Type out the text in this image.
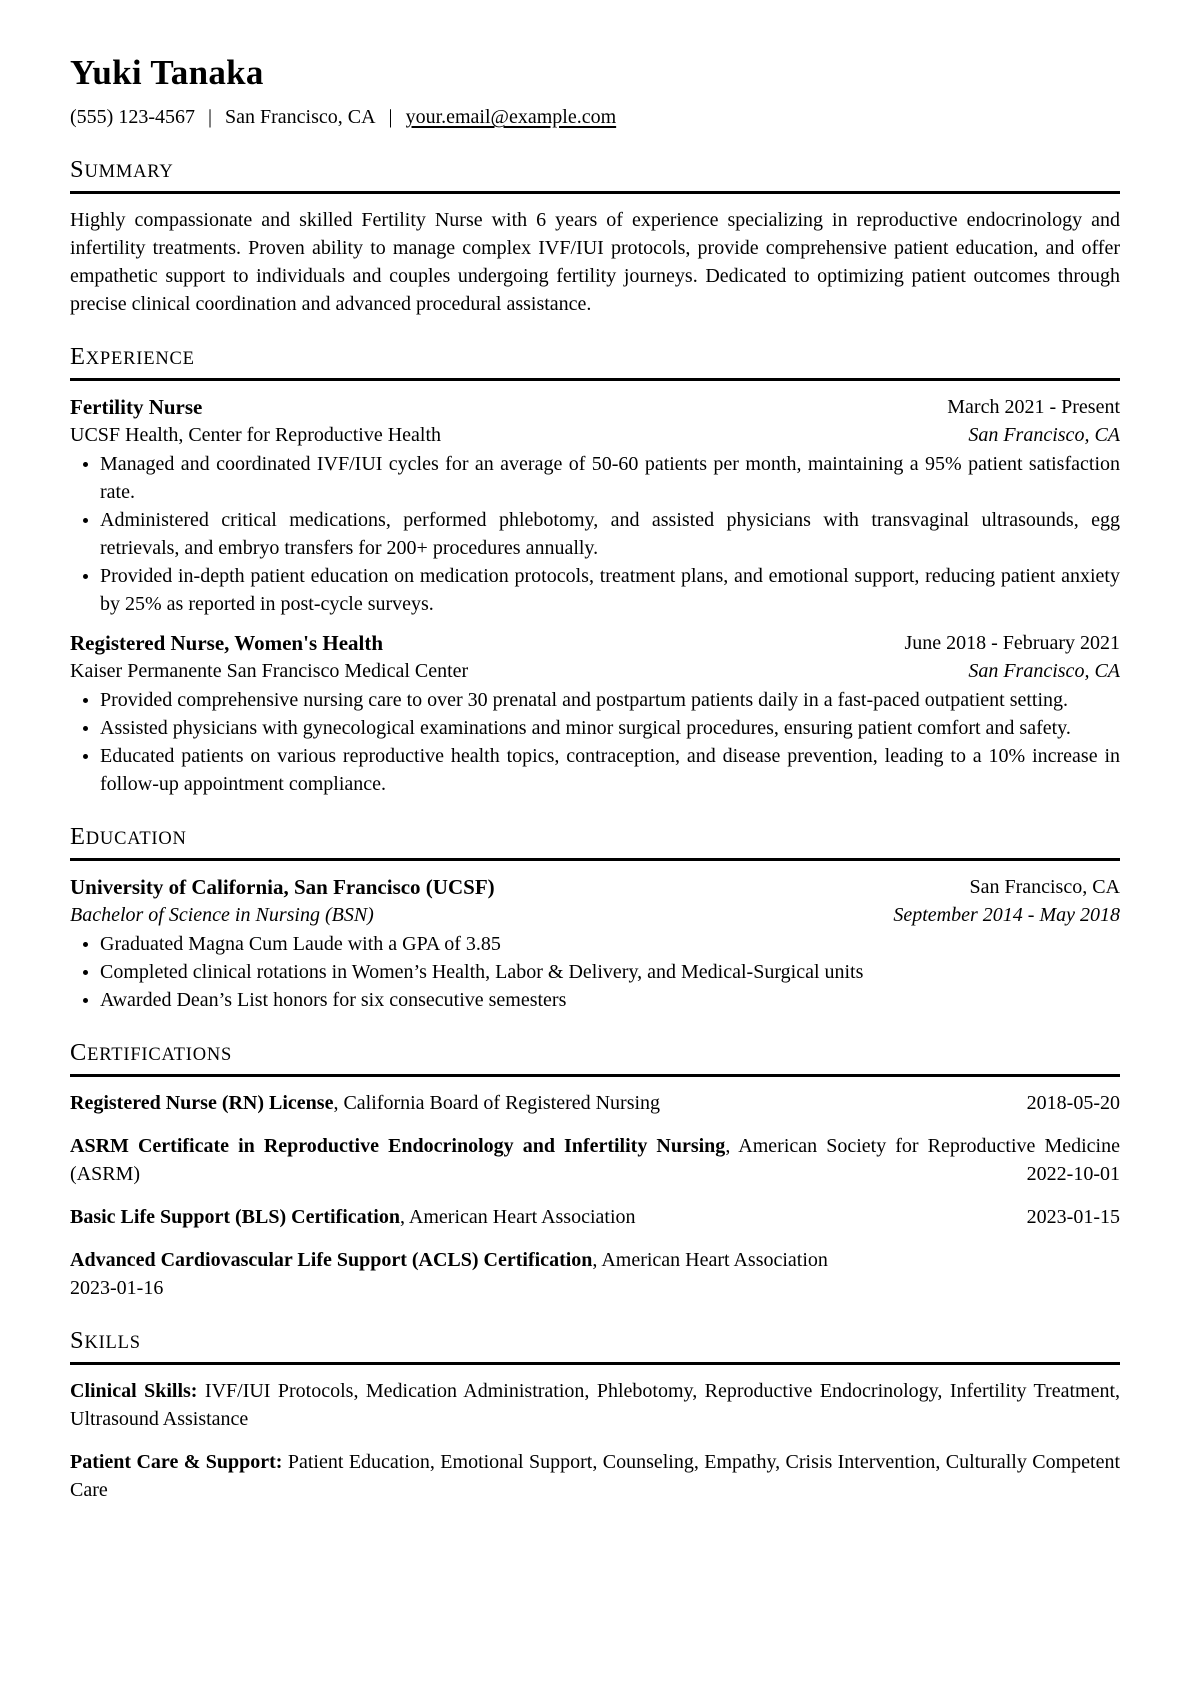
Yuki Tanaka
(555) 123-4567 | San Francisco, CA | your.email@example.com
SUMMARY

Highly compassionate and skilled Fertility Nurse with 6 years of experience specializing in reproductive endocrinology and infertility treatments. Proven ability to manage complex IVF/IUI protocols, provide comprehensive patient education, and offer empathetic support to individuals and couples undergoing fertility journeys. Dedicated to optimizing patient outcomes through precise clinical coordination and advanced procedural assistance.

EXPERIENCE
Fertility Nurse	March 2021 - Present
UCSF Health, Center for Reproductive Health	San Francisco, CA
Managed and coordinated IVF/IUI cycles for an average of 50-60 patients per month, maintaining a 95% patient satisfaction rate.
Administered critical medications, performed phlebotomy, and assisted physicians with transvaginal ultrasounds, egg retrievals, and embryo transfers for 200+ procedures annually.
Provided in-depth patient education on medication protocols, treatment plans, and emotional support, reducing patient anxiety by 25% as reported in post-cycle surveys.
Registered Nurse, Women's Health	June 2018 - February 2021
Kaiser Permanente San Francisco Medical Center	San Francisco, CA
Provided comprehensive nursing care to over 30 prenatal and postpartum patients daily in a fast-paced outpatient setting.
Assisted physicians with gynecological examinations and minor surgical procedures, ensuring patient comfort and safety.
Educated patients on various reproductive health topics, contraception, and disease prevention, leading to a 10% increase in follow-up appointment compliance.
EDUCATION
University of California, San Francisco (UCSF)	San Francisco, CA
Bachelor of Science in Nursing (BSN)	September 2014 - May 2018
Graduated Magna Cum Laude with a GPA of 3.85
Completed clinical rotations in Women’s Health, Labor & Delivery, and Medical-Surgical units
Awarded Dean’s List honors for six consecutive semesters
CERTIFICATIONS

Registered Nurse (RN) License , California Board of Registered Nursing	2018-05-20

ASRM Certificate in Reproductive Endocrinology and Infertility Nursing , American Society for Reproductive Medicine (ASRM)	2022-10-01

Basic Life Support (BLS) Certification , American Heart Association	2023-01-15

Advanced Cardiovascular Life Support (ACLS) Certification , American Heart Association
2023-01-16

SKILLS

Clinical Skills: IVF/IUI Protocols, Medication Administration, Phlebotomy, Reproductive Endocrinology, Infertility Treatment, Ultrasound Assistance

Patient Care & Support: Patient Education, Emotional Support, Counseling, Empathy, Crisis Intervention, Culturally Competent Care
